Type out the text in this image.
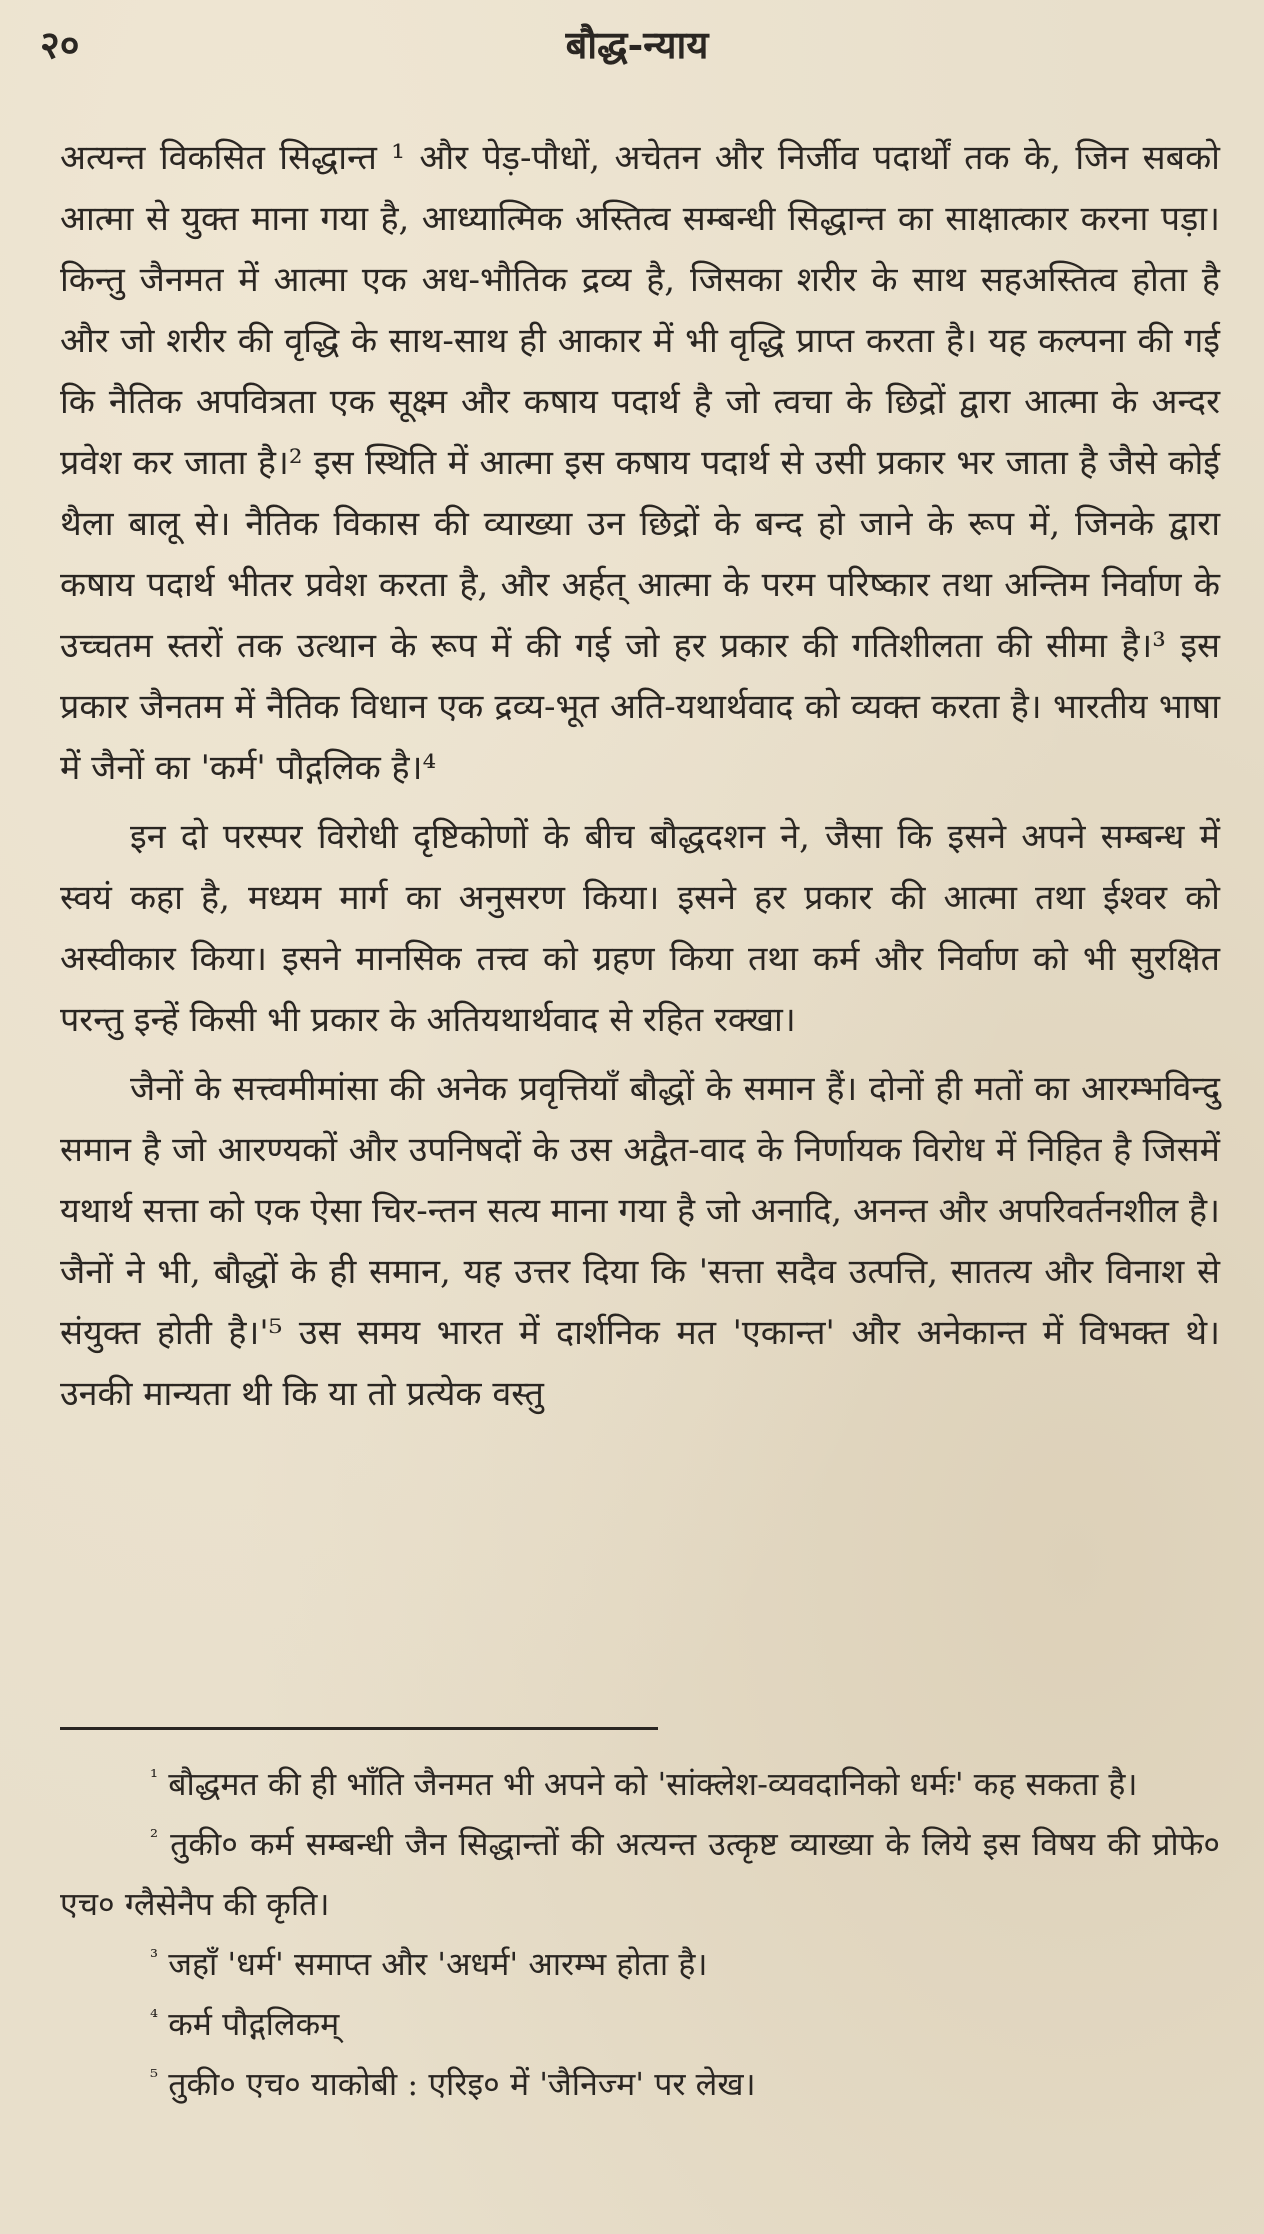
२०	बौद्ध-न्याय

अत्यन्त विकसित सिद्धान्त ¹ और पेड़-पौधों, अचेतन और निर्जीव पदार्थों तक के, जिन सबको आत्मा से युक्त माना गया है, आध्यात्मिक अस्तित्व सम्बन्धी सिद्धान्त का साक्षात्कार करना पड़ा। किन्तु जैनमत में आत्मा एक अध-भौतिक द्रव्य है, जिसका शरीर के साथ सहअस्तित्व होता है और जो शरीर की वृद्धि के साथ-साथ ही आकार में भी वृद्धि प्राप्त करता है। यह कल्पना की गई कि नैतिक अपवित्रता एक सूक्ष्म और कषाय पदार्थ है जो त्वचा के छिद्रों द्वारा आत्मा के अन्दर प्रवेश कर जाता है।² इस स्थिति में आत्मा इस कषाय पदार्थ से उसी प्रकार भर जाता है जैसे कोई थैला बालू से। नैतिक विकास की व्याख्या उन छिद्रों के बन्द हो जाने के रूप में, जिनके द्वारा कषाय पदार्थ भीतर प्रवेश करता है, और अर्हत् आत्मा के परम परिष्कार तथा अन्तिम निर्वाण के उच्चतम स्तरों तक उत्थान के रूप में की गई जो हर प्रकार की गतिशीलता की सीमा है।³ इस प्रकार जैनतम में नैतिक विधान एक द्रव्य-भूत अति-यथार्थवाद को व्यक्त करता है। भारतीय भाषा में जैनों का 'कर्म' पौद्गलिक है।⁴

इन दो परस्पर विरोधी दृष्टिकोणों के बीच बौद्धदशन ने, जैसा कि इसने अपने सम्बन्ध में स्वयं कहा है, मध्यम मार्ग का अनुसरण किया। इसने हर प्रकार की आत्मा तथा ईश्वर को अस्वीकार किया। इसने मानसिक तत्त्व को ग्रहण किया तथा कर्म और निर्वाण को भी सुरक्षित परन्तु इन्हें किसी भी प्रकार के अतियथार्थवाद से रहित रक्खा।

जैनों के सत्त्वमीमांसा की अनेक प्रवृत्तियाँ बौद्धों के समान हैं। दोनों ही मतों का आरम्भविन्दु समान है जो आरण्यकों और उपनिषदों के उस अद्वैत-वाद के निर्णायक विरोध में निहित है जिसमें यथार्थ सत्ता को एक ऐसा चिर-न्तन सत्य माना गया है जो अनादि, अनन्त और अपरिवर्तनशील है। जैनों ने भी, बौद्धों के ही समान, यह उत्तर दिया कि 'सत्ता सदैव उत्पत्ति, सातत्य और विनाश से संयुक्त होती है।'⁵ उस समय भारत में दार्शनिक मत 'एकान्त' और अनेकान्त में विभक्त थे। उनकी मान्यता थी कि या तो प्रत्येक वस्तु

$^{^1}$ बौद्धमत की ही भाँति जैनमत भी अपने को 'सांक्लेश-व्यवदानिको धर्मः' कह सकता है।

$^{^2}$ तुकी० कर्म सम्बन्धी जैन सिद्धान्तों की अत्यन्त उत्कृष्ट व्याख्या के लिये इस विषय की प्रोफे० एच० ग्लैसेनैप की कृति।

$^{^3}$ जहाँ 'धर्म' समाप्त और 'अधर्म' आरम्भ होता है।

$^{^4}$ कर्म पौद्गलिकम्

$^{^5}$ तुकी० एच० याकोबी : एरिइ० में 'जैनिज्म' पर लेख।
